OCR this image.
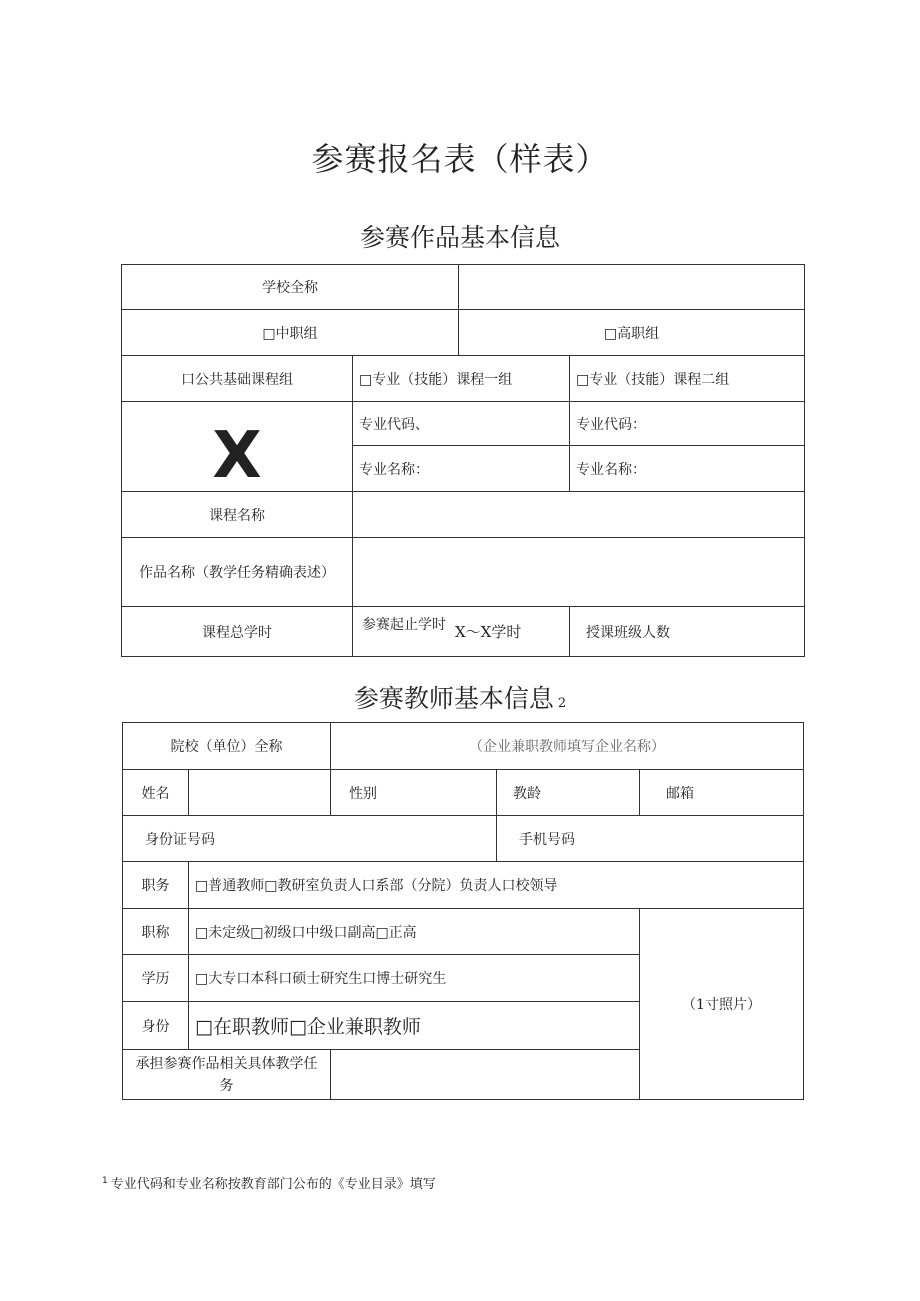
参赛报名表（样表）
参赛作品基本信息
学校全称			
□中职组		□高职组	
口公共基础课程组	□专业（技能）课程一组		□专业（技能）课程二组

X	专业代码、		专业代码：
	专业名称：		专业名称：
课程名称			
作品名称（教学任务精确表述）			
课程总学时	参赛起止学时 X〜X学时		授课班级人数
参赛教师基本信息 2
院校（单位）全称		（企业兼职教师填写企业名称）		
姓名		性别	教龄	邮箱
身份证号码			手机号码	
职务	□普通教师□教研室负责人口系部（分院）负责人口校领导			
职称	□未定级□初级口中级口副高□正高			（1寸照片）
学历	□大专口本科口硕士研究生口博士研究生			
身份	□在职教师□企业兼职教师			
承担参赛作品相关具体教学任务				
$^1$ 专业代码和专业名称按教育部门公布的《专业目录》填写
